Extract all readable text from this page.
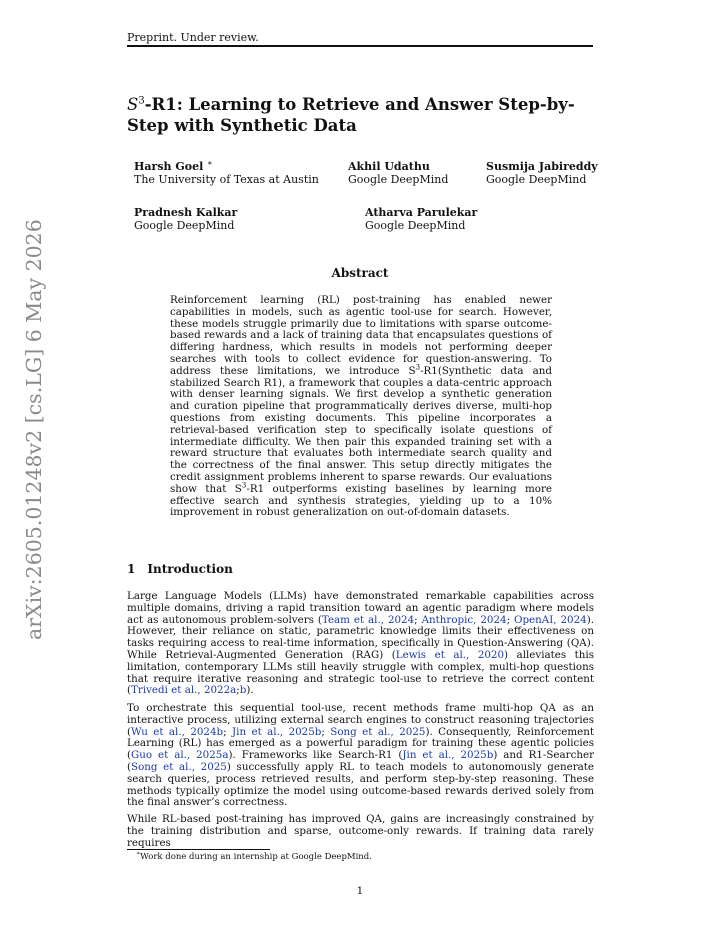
Preprint. Under review.
arXiv:2605.01248v2 [cs.LG] 6 May 2026
$S^3-R1$: Learning to Retrieve and Answer Step-by-Step with Synthetic Data
Harsh Goel ∗
The University of Texas at Austin
Akhil Udathu
Google DeepMind
Susmija Jabireddy
Google DeepMind
Pradnesh Kalkar
Google DeepMind
Atharva Parulekar
Google DeepMind
Abstract
Reinforcement learning (RL) post-training has enabled newer capabilities in models, such as agentic tool-use for search. However, these models struggle primarily due to limitations with sparse outcome-based rewards and a lack of training data that encapsulates questions of differing hardness, which results in models not performing deeper searches with tools to collect evidence for question-answering. To address these limitations, we introduce $S^3-R1(Synthetic$ data and stabilized Search R1), a framework that couples a data-centric approach with denser learning signals. We first develop a synthetic generation and curation pipeline that programmatically derives diverse, multi-hop questions from existing documents. This pipeline incorporates a retrieval-based verification step to specifically isolate questions of intermediate difficulty. We then pair this expanded training set with a reward structure that evaluates both intermediate search quality and the correctness of the final answer. This setup directly mitigates the credit assignment problems inherent to sparse rewards. Our evaluations show that $S^3-R1$ outperforms existing baselines by learning more effective search and synthesis strategies, yielding up to a 10% improvement in robust generalization on out-of-domain datasets.
1 Introduction

Large Language Models (LLMs) have demonstrated remarkable capabilities across multiple domains, driving a rapid transition toward an agentic paradigm where models act as autonomous problem-solvers (Team et al., 2024; Anthropic, 2024; OpenAI, 2024). However, their reliance on static, parametric knowledge limits their effectiveness on tasks requiring access to real-time information, specifically in Question-Answering (QA). While Retrieval-Augmented Generation (RAG) (Lewis et al., 2020) alleviates this limitation, contemporary LLMs still heavily struggle with complex, multi-hop questions that require iterative reasoning and strategic tool-use to retrieve the correct content (Trivedi et al., 2022a;b).

To orchestrate this sequential tool-use, recent methods frame multi-hop QA as an interactive process, utilizing external search engines to construct reasoning trajectories (Wu et al., 2024b; Jin et al., 2025b; Song et al., 2025). Consequently, Reinforcement Learning (RL) has emerged as a powerful paradigm for training these agentic policies (Guo et al., 2025a). Frameworks like Search-R1 (Jin et al., 2025b) and R1-Searcher (Song et al., 2025) successfully apply RL to teach models to autonomously generate search queries, process retrieved results, and perform step-by-step reasoning. These methods typically optimize the model using outcome-based rewards derived solely from the final answer’s correctness.

While RL-based post-training has improved QA, gains are increasingly constrained by the training distribution and sparse, outcome-only rewards. If training data rarely requires

∗Work done during an internship at Google DeepMind.
1
